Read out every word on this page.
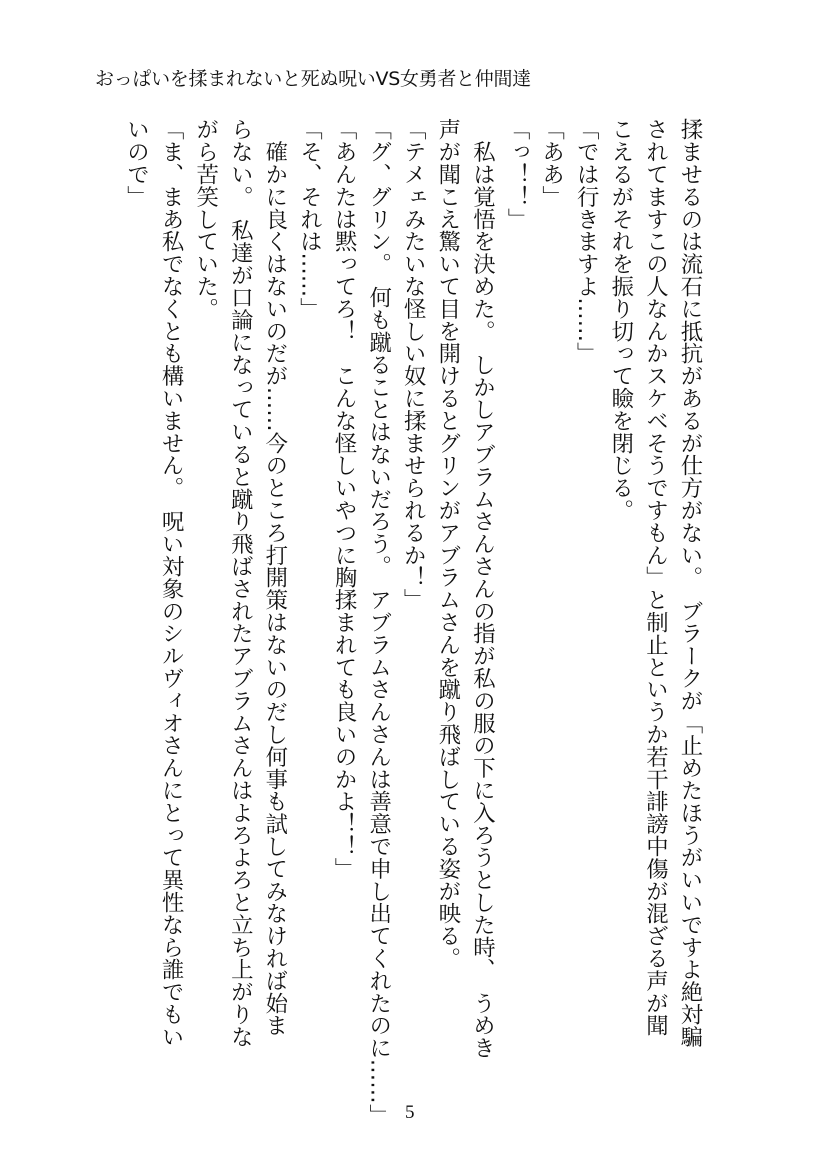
おっぱいを揉まれないと死ぬ呪いVS女勇者と仲間達

揉ませるのは流石に抵抗があるが仕方がない。　ブラークが「止めたほうがいいですよ絶対騙

されてますこの人なんかスケベそうですもん」と制止というか若干誹謗中傷が混ざる声が聞

こえるがそれを振り切って瞼を閉じる。

「では行きますよ……」

「ああ」

「っ！！」

　私は覚悟を決めた。　しかしアブラムさんさんの指が私の服の下に入ろうとした時、　うめき

声が聞こえ驚いて目を開けるとグリンがアブラムさんを蹴り飛ばしている姿が映る。

「テメェみたいな怪しい奴に揉ませられるか！」

「グ、グリン。　何も蹴ることはないだろう。　アブラムさんさんは善意で申し出てくれたのに……」

「あんたは黙ってろ！　こんな怪しいやつに胸揉まれても良いのかよ！！」

「そ、それは……」

　確かに良くはないのだが……今のところ打開策はないのだし何事も試してみなければ始ま

らない。　私達が口論になっていると蹴り飛ばされたアブラムさんはよろよろと立ち上がりな

がら苦笑していた。

「ま、まあ私でなくとも構いません。　呪い対象のシルヴィオさんにとって異性なら誰でもい

いので」

5
